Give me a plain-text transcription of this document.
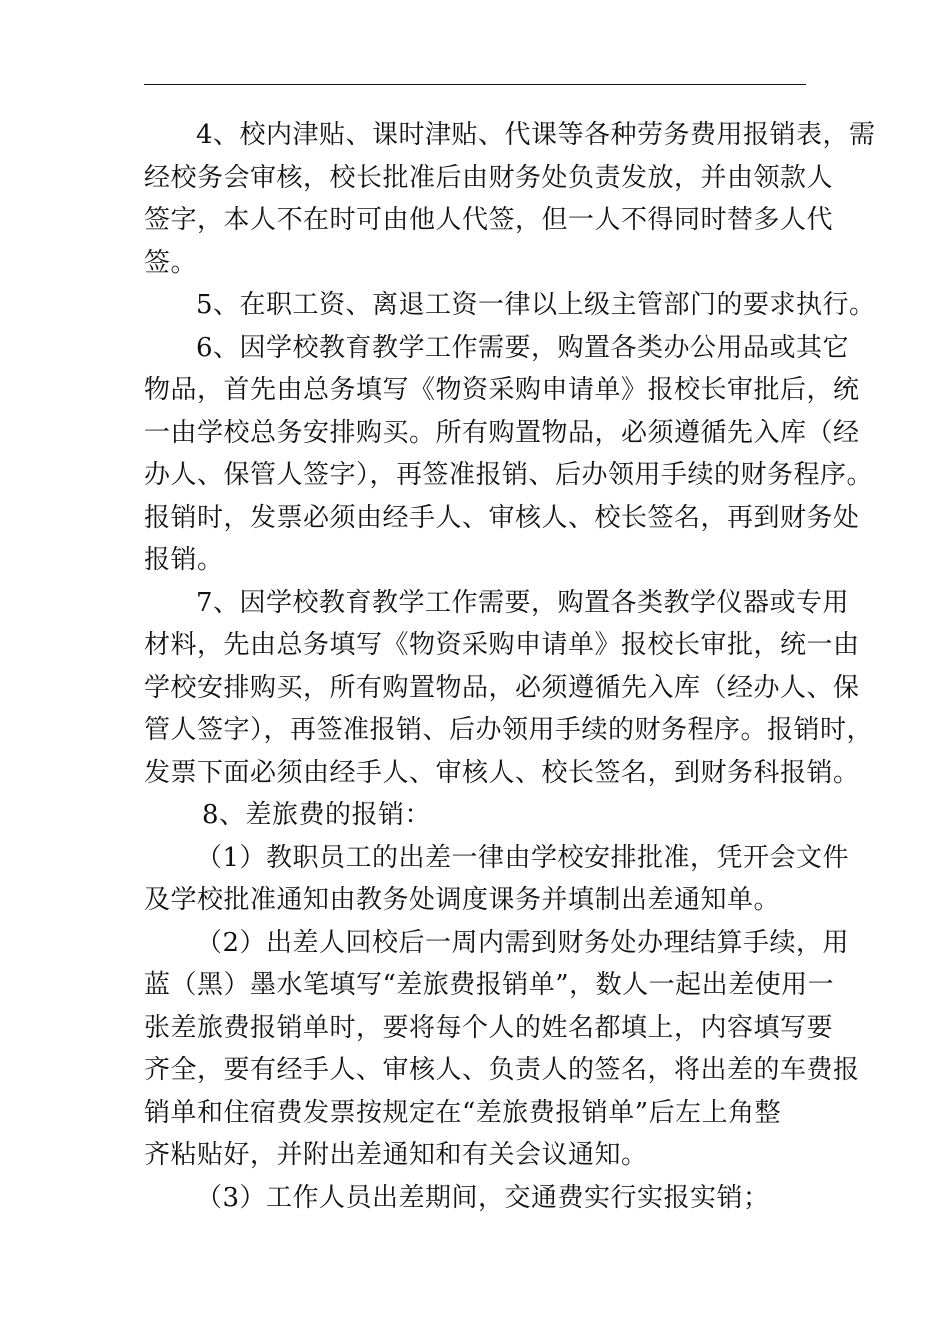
4、校内津贴、课时津贴、代课等各种劳务费用报销表，需
经校务会审核，校长批准后由财务处负责发放，并由领款人
签字，本人不在时可由他人代签，但一人不得同时替多人代
签。
5、在职工资、离退工资一律以上级主管部门的要求执行。
6、因学校教育教学工作需要，购置各类办公用品或其它
物品，首先由总务填写《物资采购申请单》报校长审批后，统
一由学校总务安排购买。所有购置物品，必须遵循先入库（经
办人、保管人签字），再签准报销、后办领用手续的财务程序。
报销时，发票必须由经手人、审核人、校长签名，再到财务处
报销。
7、因学校教育教学工作需要，购置各类教学仪器或专用
材料，先由总务填写《物资采购申请单》报校长审批，统一由
学校安排购买，所有购置物品，必须遵循先入库（经办人、保
管人签字），再签准报销、后办领用手续的财务程序。报销时，
发票下面必须由经手人、审核人、校长签名，到财务科报销。
8、差旅费的报销：
（1）教职员工的出差一律由学校安排批准，凭开会文件
及学校批准通知由教务处调度课务并填制出差通知单。
（2）出差人回校后一周内需到财务处办理结算手续，用
蓝（黑）墨水笔填写“差旅费报销单”，数人一起出差使用一
张差旅费报销单时，要将每个人的姓名都填上，内容填写要
齐全，要有经手人、审核人、负责人的签名，将出差的车费报
销单和住宿费发票按规定在“差旅费报销单”后左上角整
齐粘贴好，并附出差通知和有关会议通知。
（3）工作人员出差期间，交通费实行实报实销；
